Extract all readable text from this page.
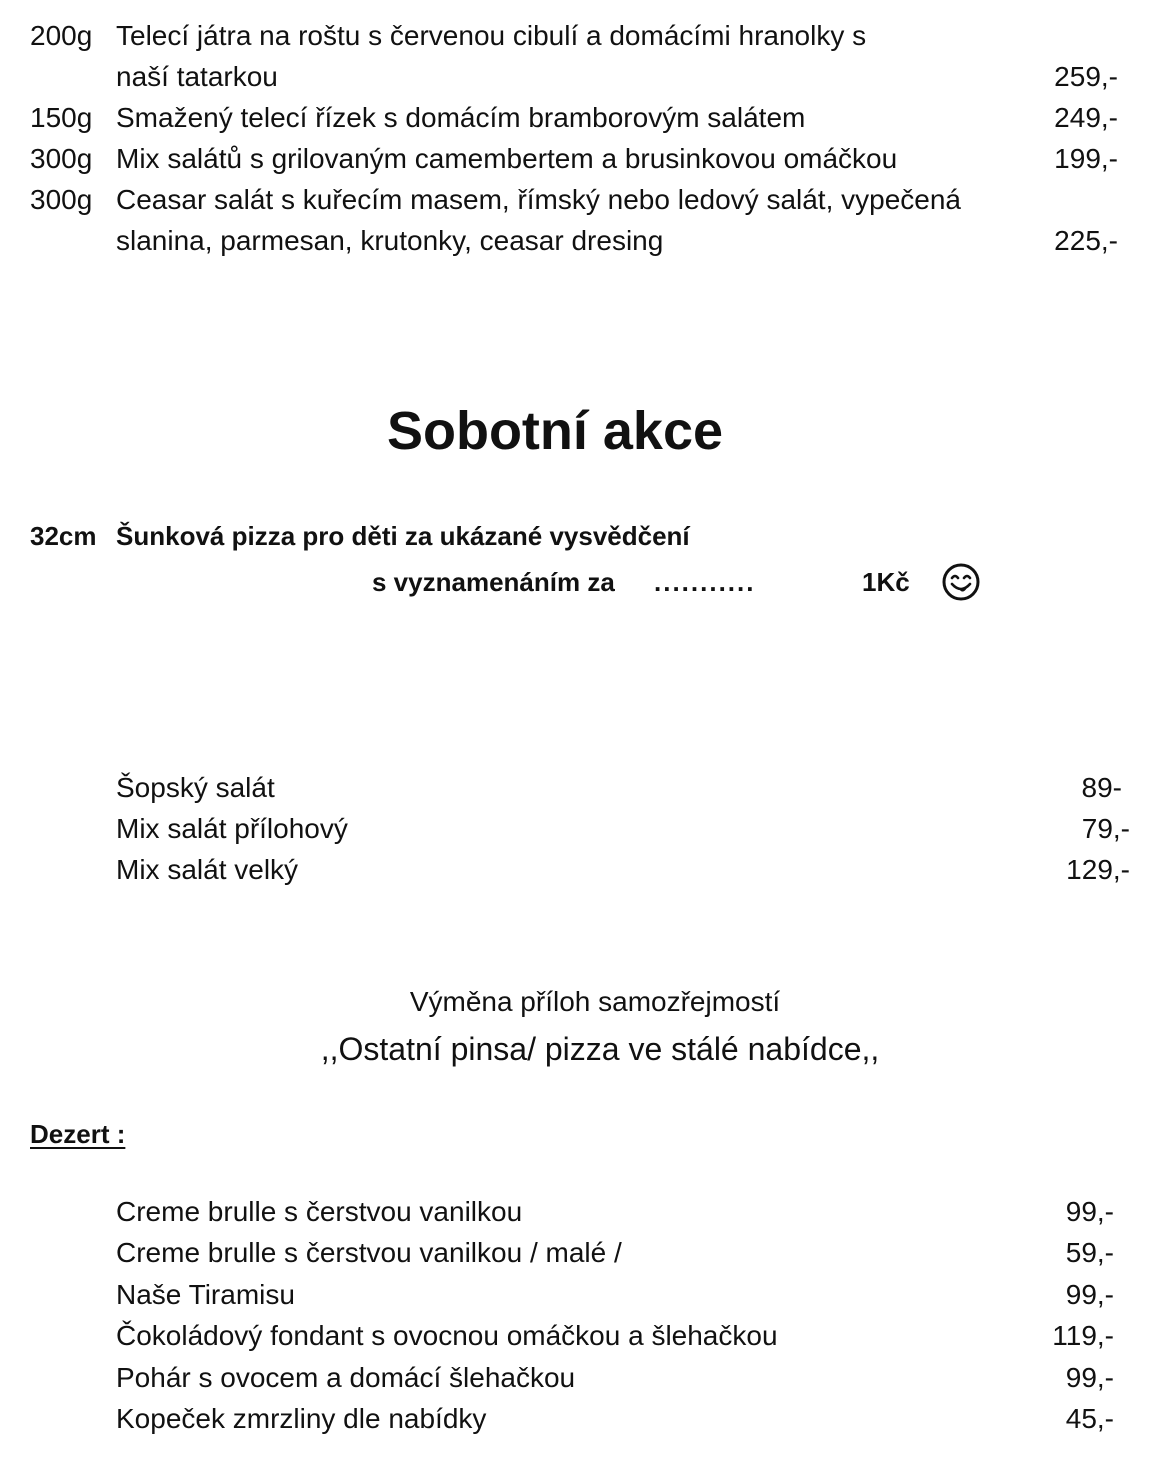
200g Telecí játra na roštu s červenou cibulí a domácími hranolky s
naší tatarkou	259,-
150g Smažený telecí řízek s domácím bramborovým salátem	249,-
300g Mix salátů s grilovaným camembertem a brusinkovou omáčkou	199,-
300g Ceasar salát s kuřecím masem, římský nebo ledový salát, vypečená
slanina, parmesan, krutonky, ceasar dresing	225,-
Sobotní akce
32cm Šunková pizza pro děti za ukázané vysvědčení
s vyznamenáním za ...........	1Kč
Šopský salát	89-
Mix salát přílohový	79,-
Mix salát velký	129,-
Výměna příloh samozřejmostí
,,Ostatní pinsa/ pizza ve stálé nabídce,,
Dezert :
Creme brulle s čerstvou vanilkou	99,-
Creme brulle s čerstvou vanilkou / malé /	59,-
Naše Tiramisu	99,-
Čokoládový fondant s ovocnou omáčkou a šlehačkou	119,-
Pohár s ovocem a domácí šlehačkou	99,-
Kopeček zmrzliny dle nabídky	45,-
